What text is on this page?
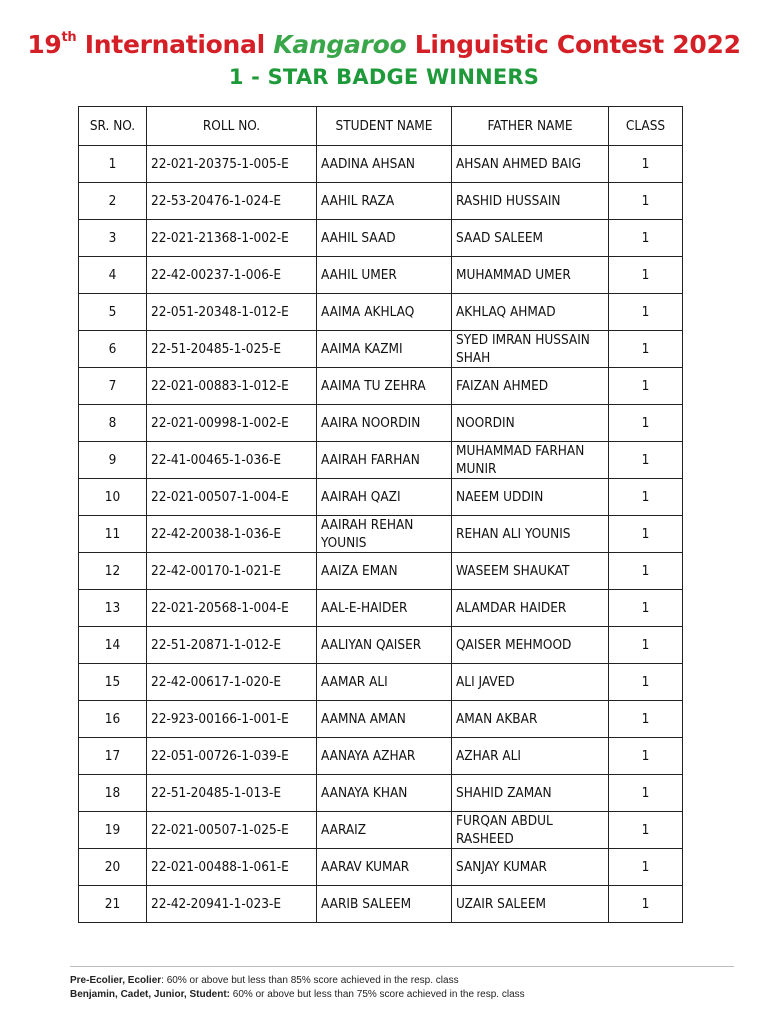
19th International Kangaroo Linguistic Contest 2022
1 - STAR BADGE WINNERS
SR. NO.	ROLL NO.	STUDENT NAME	FATHER NAME	CLASS
1	22-021-20375-1-005-E	AADINA AHSAN	AHSAN AHMED BAIG	1
2	22-53-20476-1-024-E	AAHIL RAZA	RASHID HUSSAIN	1
3	22-021-21368-1-002-E	AAHIL SAAD	SAAD SALEEM	1
4	22-42-00237-1-006-E	AAHIL UMER	MUHAMMAD UMER	1
5	22-051-20348-1-012-E	AAIMA AKHLAQ	AKHLAQ AHMAD	1
6	22-51-20485-1-025-E	AAIMA KAZMI	SYED IMRAN HUSSAIN SHAH	1
7	22-021-00883-1-012-E	AAIMA TU ZEHRA	FAIZAN AHMED	1
8	22-021-00998-1-002-E	AAIRA NOORDIN	NOORDIN	1
9	22-41-00465-1-036-E	AAIRAH FARHAN	MUHAMMAD FARHAN MUNIR	1
10	22-021-00507-1-004-E	AAIRAH QAZI	NAEEM UDDIN	1
11	22-42-20038-1-036-E	AAIRAH REHAN YOUNIS	REHAN ALI YOUNIS	1
12	22-42-00170-1-021-E	AAIZA EMAN	WASEEM SHAUKAT	1
13	22-021-20568-1-004-E	AAL-E-HAIDER	ALAMDAR HAIDER	1
14	22-51-20871-1-012-E	AALIYAN QAISER	QAISER MEHMOOD	1
15	22-42-00617-1-020-E	AAMAR ALI	ALI JAVED	1
16	22-923-00166-1-001-E	AAMNA AMAN	AMAN AKBAR	1
17	22-051-00726-1-039-E	AANAYA AZHAR	AZHAR ALI	1
18	22-51-20485-1-013-E	AANAYA KHAN	SHAHID ZAMAN	1
19	22-021-00507-1-025-E	AARAIZ	FURQAN ABDUL RASHEED	1
20	22-021-00488-1-061-E	AARAV KUMAR	SANJAY KUMAR	1
21	22-42-20941-1-023-E	AARIB SALEEM	UZAIR SALEEM	1
Pre-Ecolier, Ecolier: 60% or above but less than 85% score achieved in the resp. class
Benjamin, Cadet, Junior, Student: 60% or above but less than 75% score achieved in the resp. class
